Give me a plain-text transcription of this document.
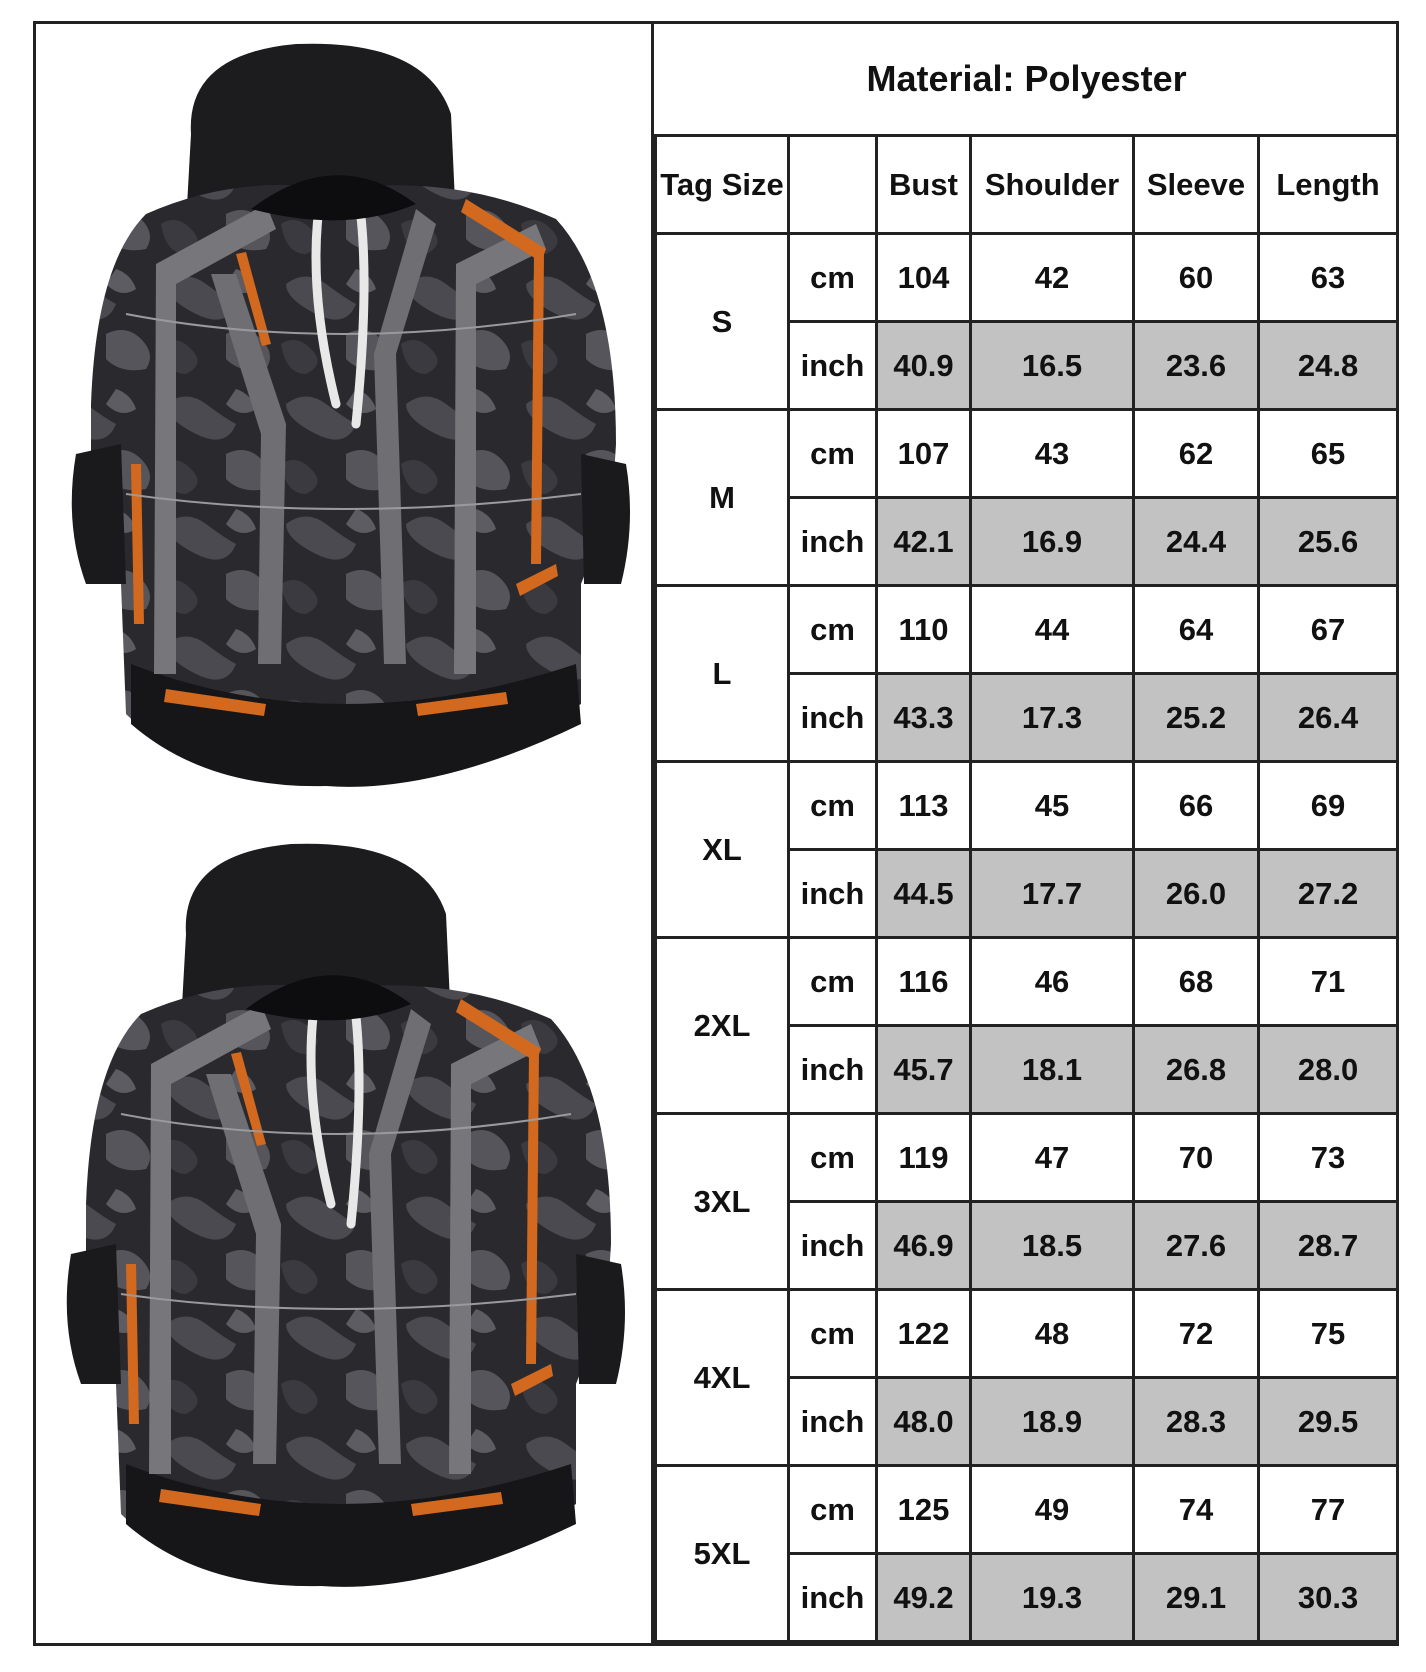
Material: Polyester					
Tag Size		Bust	Shoulder	Sleeve	Length
S	cm	104	42	60	63
	inch	40.9	16.5	23.6	24.8
M	cm	107	43	62	65
	inch	42.1	16.9	24.4	25.6
L	cm	110	44	64	67
	inch	43.3	17.3	25.2	26.4
XL	cm	113	45	66	69
	inch	44.5	17.7	26.0	27.2
2XL	cm	116	46	68	71
	inch	45.7	18.1	26.8	28.0
3XL	cm	119	47	70	73
	inch	46.9	18.5	27.6	28.7
4XL	cm	122	48	72	75
	inch	48.0	18.9	28.3	29.5
5XL	cm	125	49	74	77
	inch	49.2	19.3	29.1	30.3
